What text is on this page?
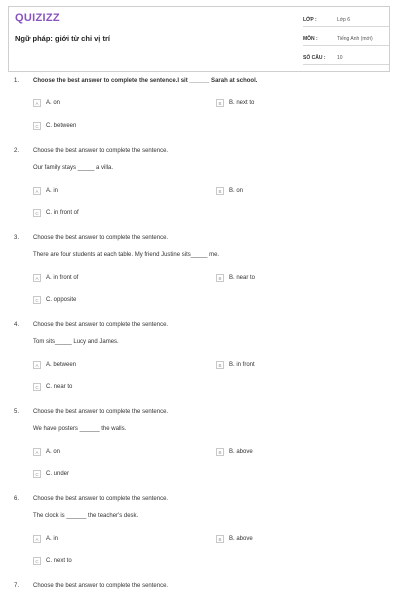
QUIZIZZ
Ngữ pháp: giới từ chỉ vị trí
LỚP :	Lớp 6
MÔN :	Tiếng Anh (mới)
SỐ CÂU :	10
1. Choose the best answer to complete the sentence.I sit ______ Sarah at school.
A	A. on	B	B. next to
C	C. between
2. Choose the best answer to complete the sentence.
Our family stays _____ a villa.
A	A. in	B	B. on
C	C. in front of
3. Choose the best answer to complete the sentence.
There are four students at each table. My friend Justine sits_____ me.
A	A. in front of	B	B. near to
C	C. opposite
4. Choose the best answer to complete the sentence.
Tom sits_____ Lucy and James.
A	A. between	B	B. in front
C	C. near to
5. Choose the best answer to complete the sentence.
We have posters ______ the walls.
A	A. on	B	B. above
C	C. under
6. Choose the best answer to complete the sentence.
The clock is ______ the teacher's desk.
A	A. in	B	B. above
C	C. next to
7. Choose the best answer to complete the sentence.
